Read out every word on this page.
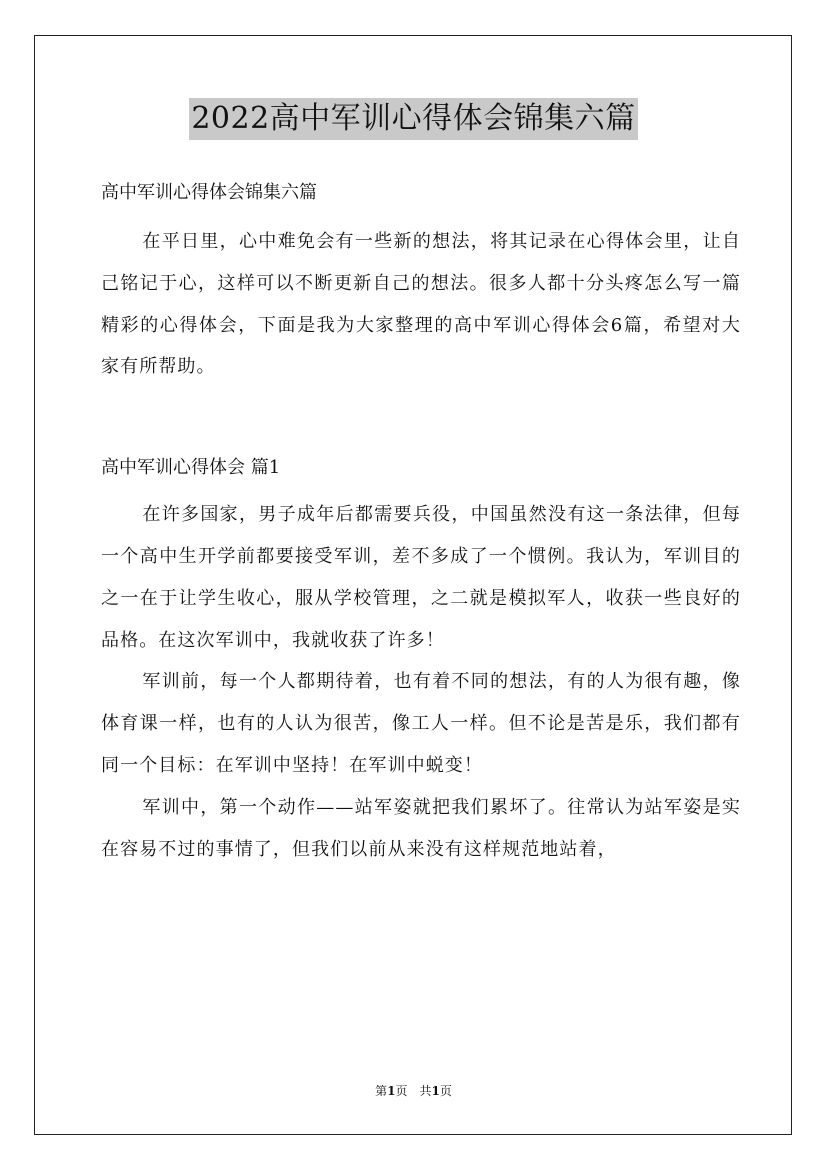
2022高中军训心得体会锦集六篇

高中军训心得体会锦集六篇

在平日里，心中难免会有一些新的想法，将其记录在心得体会里，让自己铭记于心，这样可以不断更新自己的想法。很多人都十分头疼怎么写一篇精彩的心得体会，下面是我为大家整理的高中军训心得体会6篇，希望对大家有所帮助。

高中军训心得体会 篇1

在许多国家，男子成年后都需要兵役，中国虽然没有这一条法律，但每一个高中生开学前都要接受军训，差不多成了一个惯例。我认为，军训目的之一在于让学生收心，服从学校管理，之二就是模拟军人，收获一些良好的品格。在这次军训中，我就收获了许多！

军训前，每一个人都期待着，也有着不同的想法，有的人为很有趣，像体育课一样，也有的人认为很苦，像工人一样。但不论是苦是乐，我们都有同一个目标：在军训中坚持！在军训中蜕变！

军训中，第一个动作——站军姿就把我们累坏了。往常认为站军姿是实在容易不过的事情了，但我们以前从来没有这样规范地站着，

第1页 共1页
